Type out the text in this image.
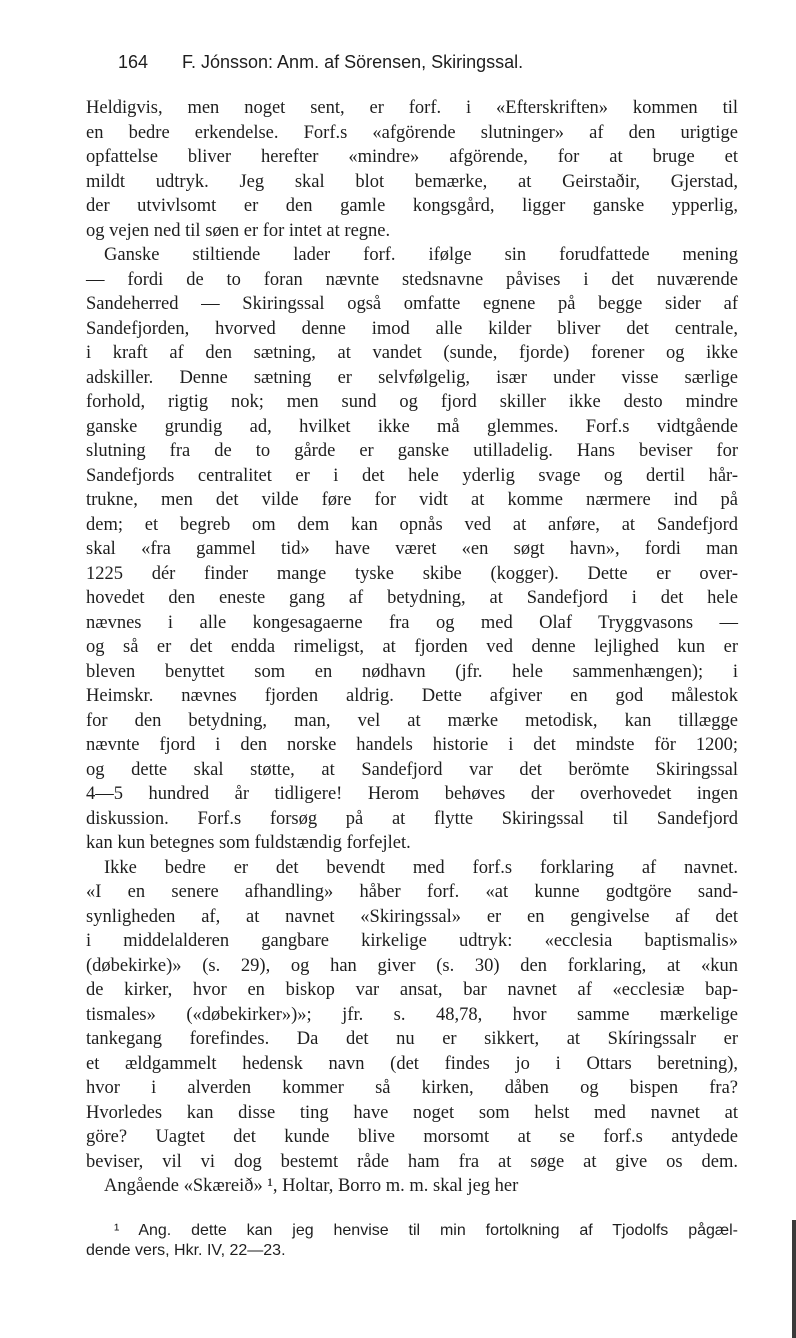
164 F. Jónsson: Anm. af Sörensen, Skiringssal.
Heldigvis, men noget sent, er forf. i «Efterskriften» kommen til
en bedre erkendelse. Forf.s «afgörende slutninger» af den urigtige
opfattelse bliver herefter «mindre» afgörende, for at bruge et
mildt udtryk. Jeg skal blot bemærke, at Geirstaðir, Gjerstad,
der utvivlsomt er den gamle kongsgård, ligger ganske ypperlig,
og vejen ned til søen er for intet at regne.
Ganske stiltiende lader forf. ifølge sin forudfattede mening
— fordi de to foran nævnte stedsnavne påvises i det nuværende
Sandeherred — Skiringssal også omfatte egnene på begge sider af
Sandefjorden, hvorved denne imod alle kilder bliver det centrale,
i kraft af den sætning, at vandet (sunde, fjorde) forener og ikke
adskiller. Denne sætning er selvfølgelig, især under visse særlige
forhold, rigtig nok; men sund og fjord skiller ikke desto mindre
ganske grundig ad, hvilket ikke må glemmes. Forf.s vidtgående
slutning fra de to gårde er ganske utilladelig. Hans beviser for
Sandefjords centralitet er i det hele yderlig svage og dertil hår-
trukne, men det vilde føre for vidt at komme nærmere ind på
dem; et begreb om dem kan opnås ved at anføre, at Sandefjord
skal «fra gammel tid» have været «en søgt havn», fordi man
1225 dér finder mange tyske skibe (kogger). Dette er over-
hovedet den eneste gang af betydning, at Sandefjord i det hele
nævnes i alle kongesagaerne fra og med Olaf Tryggvasons —
og så er det endda rimeligst, at fjorden ved denne lejlighed kun er
bleven benyttet som en nødhavn (jfr. hele sammenhængen); i
Heimskr. nævnes fjorden aldrig. Dette afgiver en god målestok
for den betydning, man, vel at mærke metodisk, kan tillægge
nævnte fjord i den norske handels historie i det mindste för 1200;
og dette skal støtte, at Sandefjord var det berömte Skiringssal
4—5 hundred år tidligere! Herom behøves der overhovedet ingen
diskussion. Forf.s forsøg på at flytte Skiringssal til Sandefjord
kan kun betegnes som fuldstændig forfejlet.
Ikke bedre er det bevendt med forf.s forklaring af navnet.
«I en senere afhandling» håber forf. «at kunne godtgöre sand-
synligheden af, at navnet «Skiringssal» er en gengivelse af det
i middelalderen gangbare kirkelige udtryk: «ecclesia baptismalis»
(døbekirke)» (s. 29), og han giver (s. 30) den forklaring, at «kun
de kirker, hvor en biskop var ansat, bar navnet af «ecclesiæ bap-
tismales» («døbekirker»)»; jfr. s. 48,78, hvor samme mærkelige
tankegang forefindes. Da det nu er sikkert, at Skíringssalr er
et ældgammelt hedensk navn (det findes jo i Ottars beretning),
hvor i alverden kommer så kirken, dåben og bispen fra?
Hvorledes kan disse ting have noget som helst med navnet at
göre? Uagtet det kunde blive morsomt at se forf.s antydede
beviser, vil vi dog bestemt råde ham fra at søge at give os dem.
Angående «Skæreið» ¹, Holtar, Borro m. m. skal jeg her
¹ Ang. dette kan jeg henvise til min fortolkning af Tjodolfs pågæl-
dende vers, Hkr. IV, 22—23.
